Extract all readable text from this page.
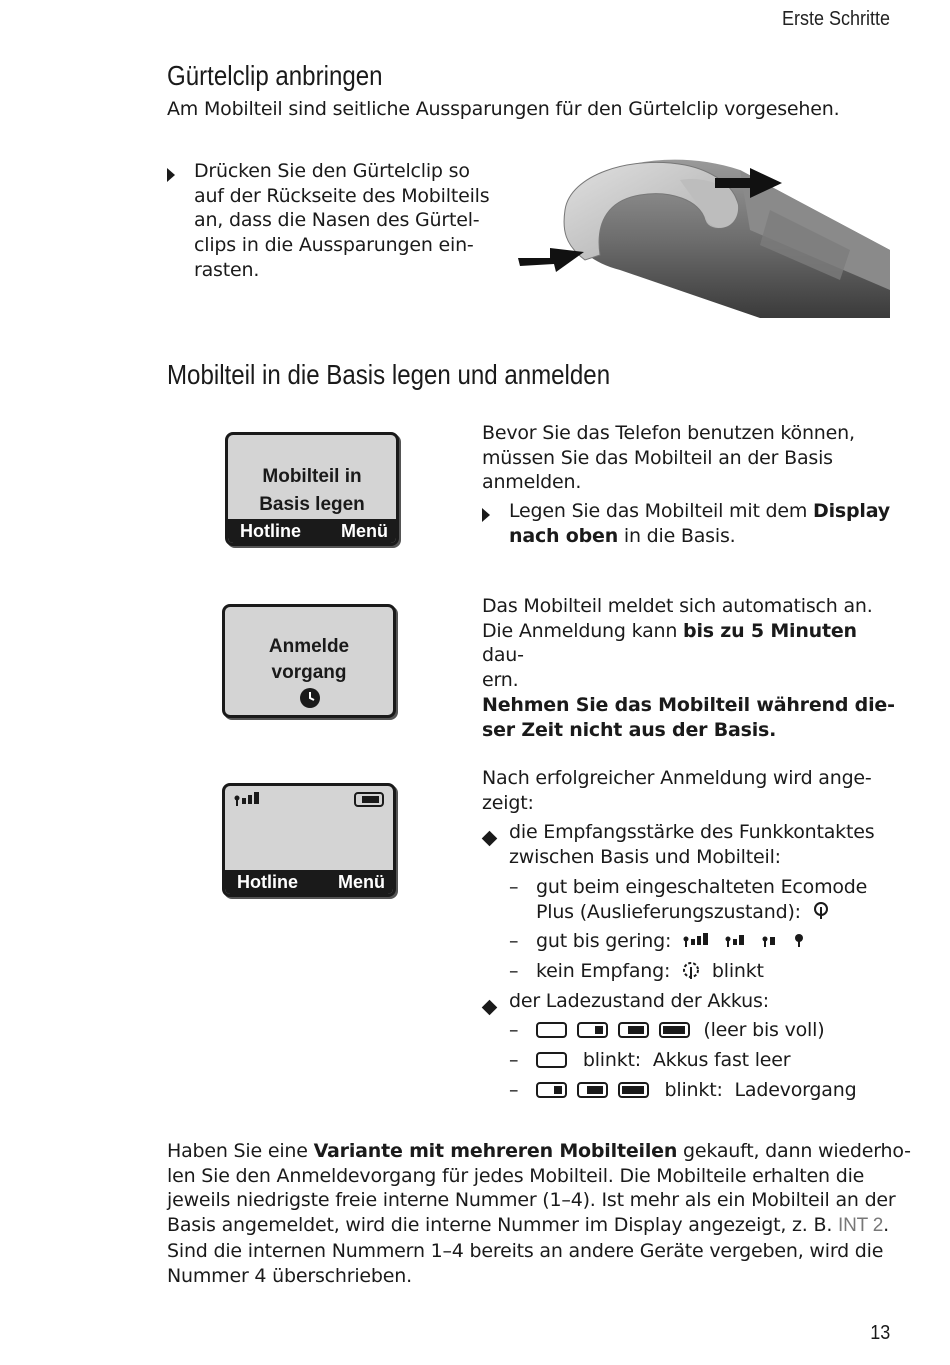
Erste Schritte
Gürtelclip anbringen
Am Mobilteil sind seitliche Aussparungen für den Gürtelclip vorgesehen.
Drücken Sie den Gürtelclip so
auf der Rückseite des Mobilteils
an, dass die Nasen des Gürtel-
clips in die Aussparungen ein-
rasten.
Mobilteil in die Basis legen und anmelden
Mobilteil in
Basis legen
Hotline Menü
Anmelde
vorgang
Hotline Menü
Bevor Sie das Telefon benutzen können,
müssen Sie das Mobilteil an der Basis
anmelden.
Legen Sie das Mobilteil mit dem Display
nach oben in die Basis.
Das Mobilteil meldet sich automatisch an.
Die Anmeldung kann bis zu 5 Minuten dau-
ern.
Nehmen Sie das Mobilteil während die-
ser Zeit nicht aus der Basis.
Nach erfolgreicher Anmeldung wird ange-
zeigt:
die Empfangsstärke des Funkkontaktes
zwischen Basis und Mobilteil:
– gut beim eingeschalteten Ecomode
Plus (Auslieferungszustand):
– gut bis gering:
– kein Empfang: blinkt
der Ladezustand der Akkus:
–	(leer bis voll)
–	blinkt: Akkus fast leer
–	blinkt: Ladevorgang
Haben Sie eine Variante mit mehreren Mobilteilen gekauft, dann wiederho-
len Sie den Anmeldevorgang für jedes Mobilteil. Die Mobilteile erhalten die
jeweils niedrigste freie interne Nummer (1–4). Ist mehr als ein Mobilteil an der
Basis angemeldet, wird die interne Nummer im Display angezeigt, z. B. INT 2.
Sind die internen Nummern 1–4 bereits an andere Geräte vergeben, wird die
Nummer 4 überschrieben.
13
